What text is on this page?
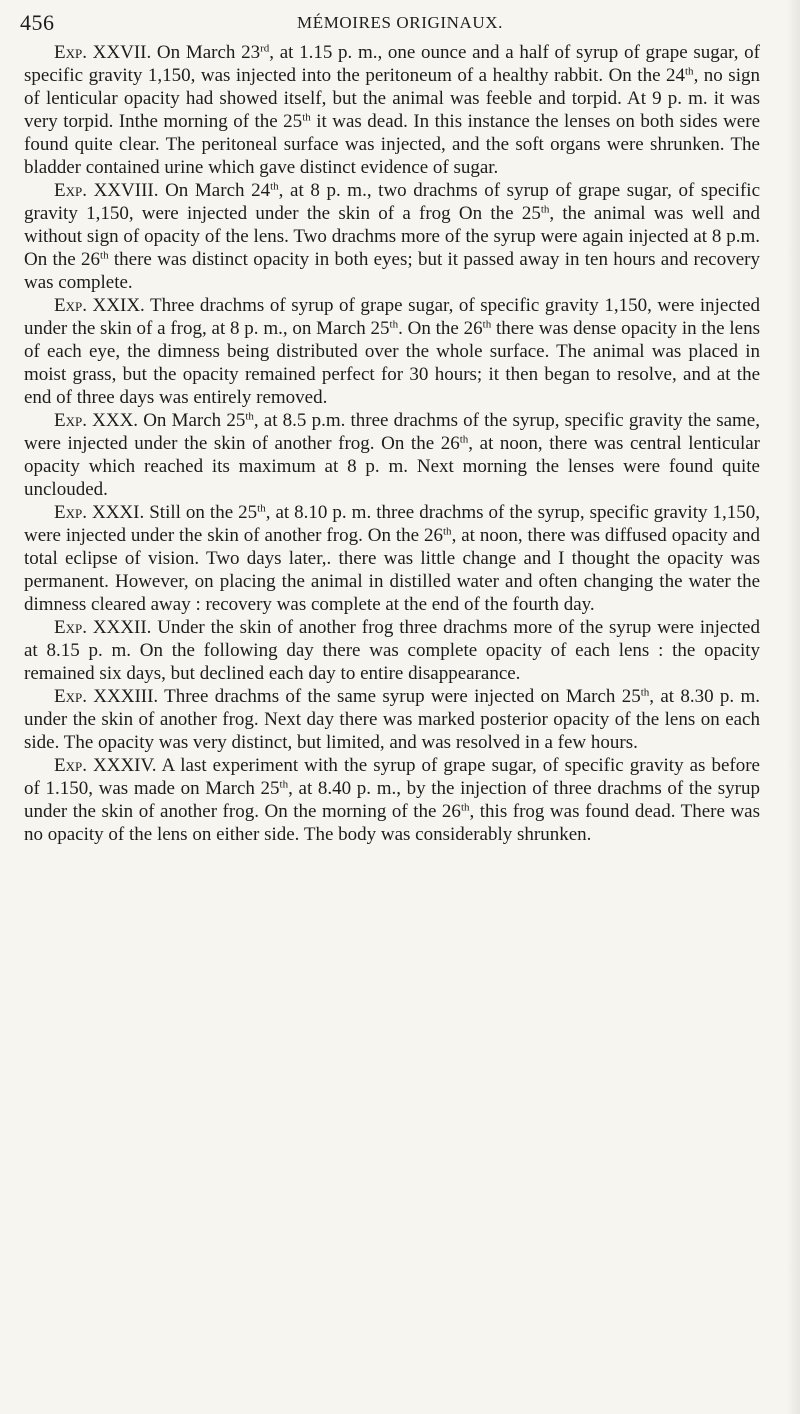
456	MÉMOIRES ORIGINAUX.

Exp. XXVII. On March 23rd, at 1.15 p. m., one ounce and a half of syrup of grape sugar, of specific gravity 1,150, was injected into the peritoneum of a healthy rabbit. On the 24th, no sign of lenticular opacity had showed itself, but the animal was feeble and torpid. At 9 p. m. it was very torpid. Inthe morning of the 25th it was dead. In this instance the lenses on both sides were found quite clear. The peritoneal surface was injected, and the soft organs were shrunken. The bladder contained urine which gave distinct evidence of sugar.

Exp. XXVIII. On March 24th, at 8 p. m., two drachms of syrup of grape sugar, of specific gravity 1,150, were injected under the skin of a frog On the 25th, the animal was well and without sign of opacity of the lens. Two drachms more of the syrup were again injected at 8 p.m. On the 26th there was distinct opacity in both eyes; but it passed away in ten hours and recovery was complete.

Exp. XXIX. Three drachms of syrup of grape sugar, of specific gravity 1,150, were injected under the skin of a frog, at 8 p. m., on March 25th. On the 26th there was dense opacity in the lens of each eye, the dimness being distributed over the whole surface. The animal was placed in moist grass, but the opacity remained perfect for 30 hours; it then began to resolve, and at the end of three days was entirely removed.

Exp. XXX. On March 25th, at 8.5 p.m. three drachms of the syrup, specific gravity the same, were injected under the skin of another frog. On the 26th, at noon, there was central lenticular opacity which reached its maximum at 8 p. m. Next morning the lenses were found quite unclouded.

Exp. XXXI. Still on the 25th, at 8.10 p. m. three drachms of the syrup, specific gravity 1,150, were injected under the skin of another frog. On the 26th, at noon, there was diffused opacity and total eclipse of vision. Two days later,. there was little change and I thought the opacity was permanent. However, on placing the animal in distilled water and often changing the water the dimness cleared away : recovery was complete at the end of the fourth day.

Exp. XXXII. Under the skin of another frog three drachms more of the syrup were injected at 8.15 p. m. On the following day there was complete opacity of each lens : the opacity remained six days, but declined each day to entire disappearance.

Exp. XXXIII. Three drachms of the same syrup were injected on March 25th, at 8.30 p. m. under the skin of another frog. Next day there was marked posterior opacity of the lens on each side. The opacity was very distinct, but limited, and was resolved in a few hours.

Exp. XXXIV. A last experiment with the syrup of grape sugar, of specific gravity as before of 1.150, was made on March 25th, at 8.40 p. m., by the injection of three drachms of the syrup under the skin of another frog. On the morning of the 26th, this frog was found dead. There was no opacity of the lens on either side. The body was considerably shrunken.
